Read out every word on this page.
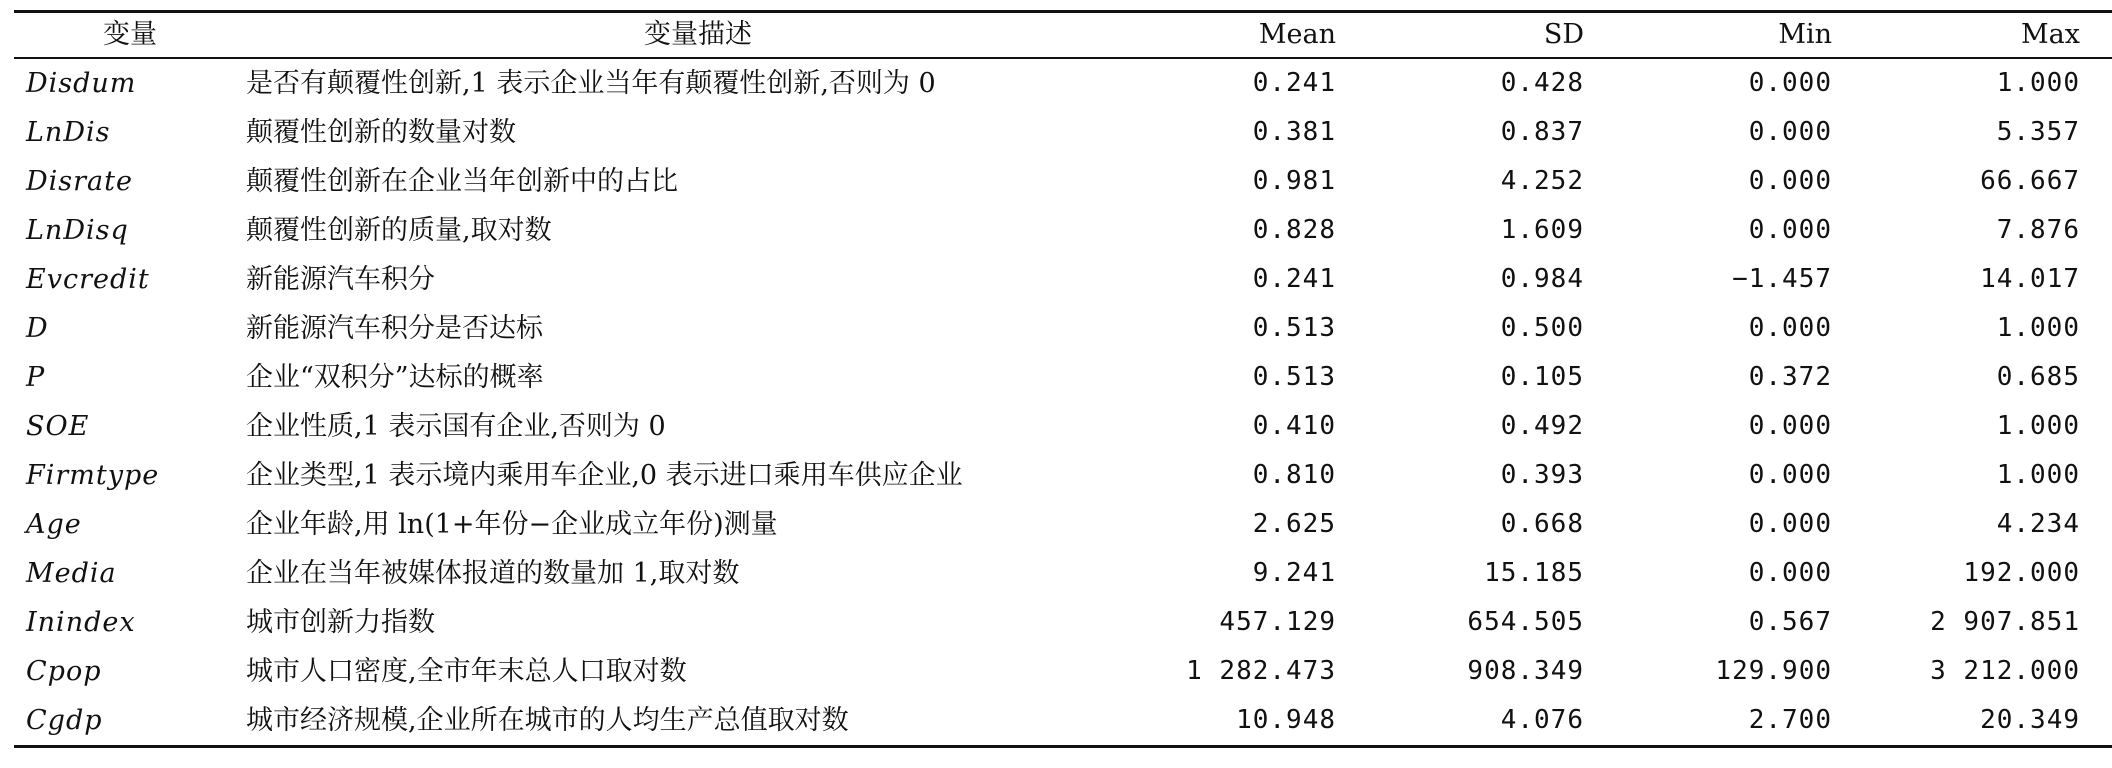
变量	变量描述	Mean	SD	Min	Max
Disdum	是否有颠覆性创新,1 表示企业当年有颠覆性创新,否则为 0	0.241	0.428	0.000	1.000
LnDis	颠覆性创新的数量对数	0.381	0.837	0.000	5.357
Disrate	颠覆性创新在企业当年创新中的占比	0.981	4.252	0.000	66.667
LnDisq	颠覆性创新的质量,取对数	0.828	1.609	0.000	7.876
Evcredit	新能源汽车积分	0.241	0.984	−1.457	14.017
D	新能源汽车积分是否达标	0.513	0.500	0.000	1.000
P	企业“双积分”达标的概率	0.513	0.105	0.372	0.685
SOE	企业性质,1 表示国有企业,否则为 0	0.410	0.492	0.000	1.000
Firmtype	企业类型,1 表示境内乘用车企业,0 表示进口乘用车供应企业	0.810	0.393	0.000	1.000
Age	企业年龄,用 ln(1+年份−企业成立年份)测量	2.625	0.668	0.000	4.234
Media	企业在当年被媒体报道的数量加 1,取对数	9.241	15.185	0.000	192.000
Inindex	城市创新力指数	457.129	654.505	0.567	2 907.851
Cpop	城市人口密度,全市年末总人口取对数	1 282.473	908.349	129.900	3 212.000
Cgdp	城市经济规模,企业所在城市的人均生产总值取对数	10.948	4.076	2.700	20.349
